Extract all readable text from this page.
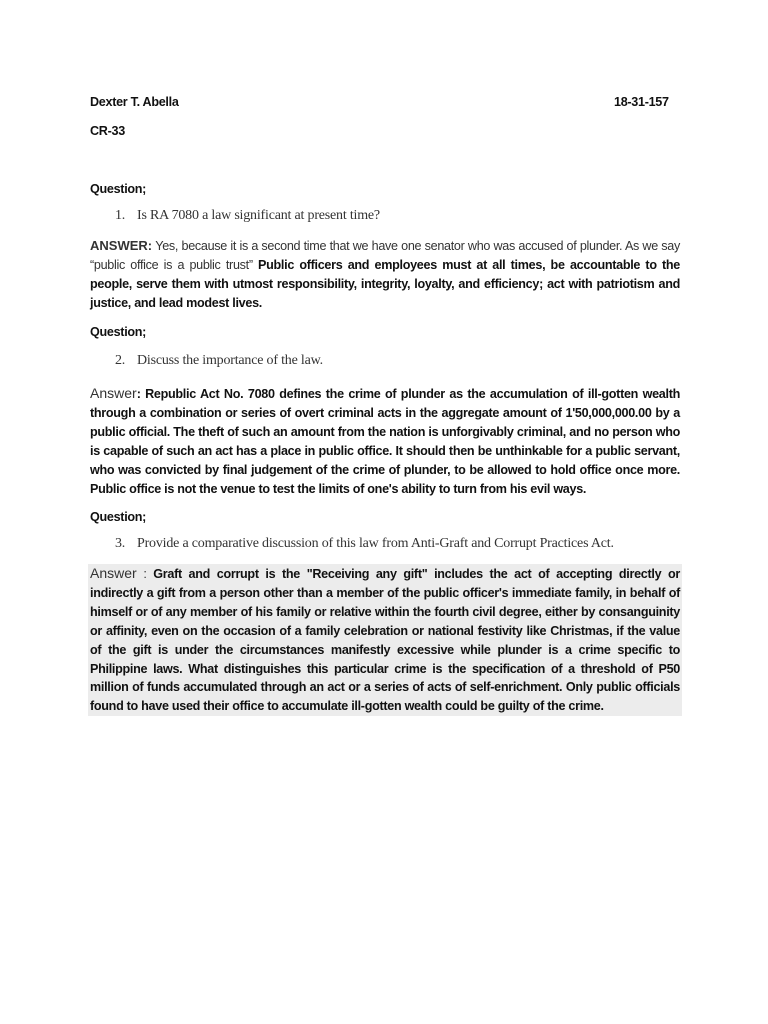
Dexter T. Abella	18-31-157
CR-33
Question;
1. Is RA 7080 a law significant at present time?
ANSWER: Yes, because it is a second time that we have one senator who was accused of plunder. As we say “public office is a public trust” Public officers and employees must at all times, be accountable to the people, serve them with utmost responsibility, integrity, loyalty, and efficiency; act with patriotism and justice, and lead modest lives.
Question;
2. Discuss the importance of the law.
Answer: Republic Act No. 7080 defines the crime of plunder as the accumulation of ill-gotten wealth through a combination or series of overt criminal acts in the aggregate amount of 1'50,000,000.00 by a public official. The theft of such an amount from the nation is unforgivably criminal, and no person who is capable of such an act has a place in public office. It should then be unthinkable for a public servant, who was convicted by final judgement of the crime of plunder, to be allowed to hold office once more. Public office is not the venue to test the limits of one's ability to turn from his evil ways.
Question;
3. Provide a comparative discussion of this law from Anti-Graft and Corrupt Practices Act.
Answer : Graft and corrupt is the "Receiving any gift" includes the act of accepting directly or indirectly a gift from a person other than a member of the public officer's immediate family, in behalf of himself or of any member of his family or relative within the fourth civil degree, either by consanguinity or affinity, even on the occasion of a family celebration or national festivity like Christmas, if the value of the gift is under the circumstances manifestly excessive while plunder is a crime specific to Philippine laws. What distinguishes this particular crime is the specification of a threshold of P50 million of funds accumulated through an act or a series of acts of self-enrichment. Only public officials found to have used their office to accumulate ill-gotten wealth could be guilty of the crime.
